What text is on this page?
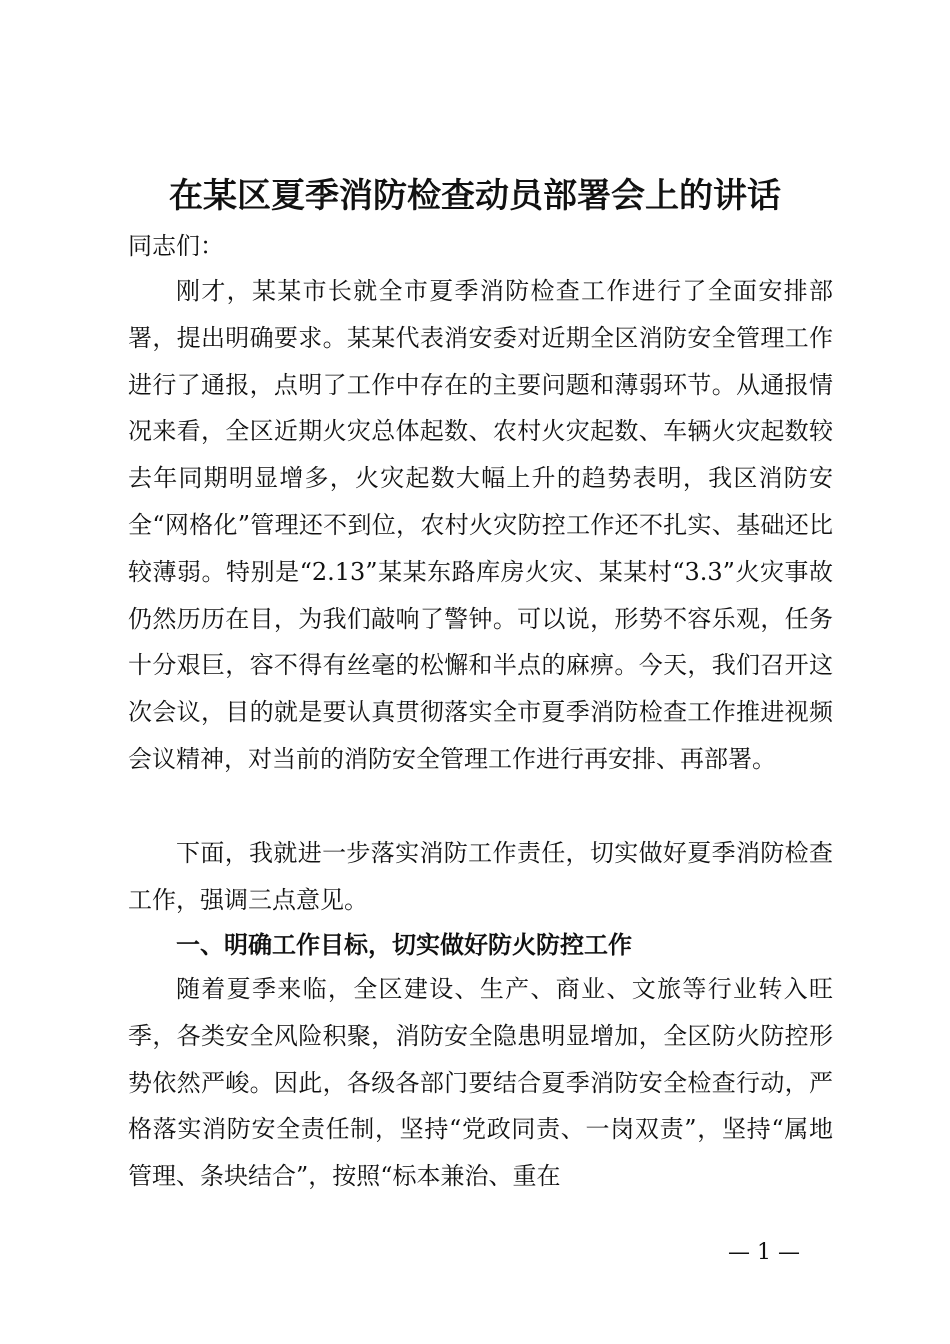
在某区夏季消防检查动员部署会上的讲话
同志们：

刚才，某某市长就全市夏季消防检查工作进行了全面安排部署，提出明确要求。某某代表消安委对近期全区消防安全管理工作进行了通报，点明了工作中存在的主要问题和薄弱环节。从通报情况来看，全区近期火灾总体起数、农村火灾起数、车辆火灾起数较去年同期明显增多，火灾起数大幅上升的趋势表明，我区消防安全“网格化”管理还不到位，农村火灾防控工作还不扎实、基础还比较薄弱。特别是“2.13”某某东路库房火灾、某某村“3.3”火灾事故仍然历历在目，为我们敲响了警钟。可以说，形势不容乐观，任务十分艰巨，容不得有丝毫的松懈和半点的麻痹。今天，我们召开这次会议，目的就是要认真贯彻落实全市夏季消防检查工作推进视频会议精神，对当前的消防安全管理工作进行再安排、再部署。

下面，我就进一步落实消防工作责任，切实做好夏季消防检查工作，强调三点意见。

一、明确工作目标，切实做好防火防控工作

随着夏季来临，全区建设、生产、商业、文旅等行业转入旺季，各类安全风险积聚，消防安全隐患明显增加，全区防火防控形势依然严峻。因此，各级各部门要结合夏季消防安全检查行动，严格落实消防安全责任制，坚持“党政同责、一岗双责”，坚持“属地管理、条块结合”，按照“标本兼治、重在

— 1 —
